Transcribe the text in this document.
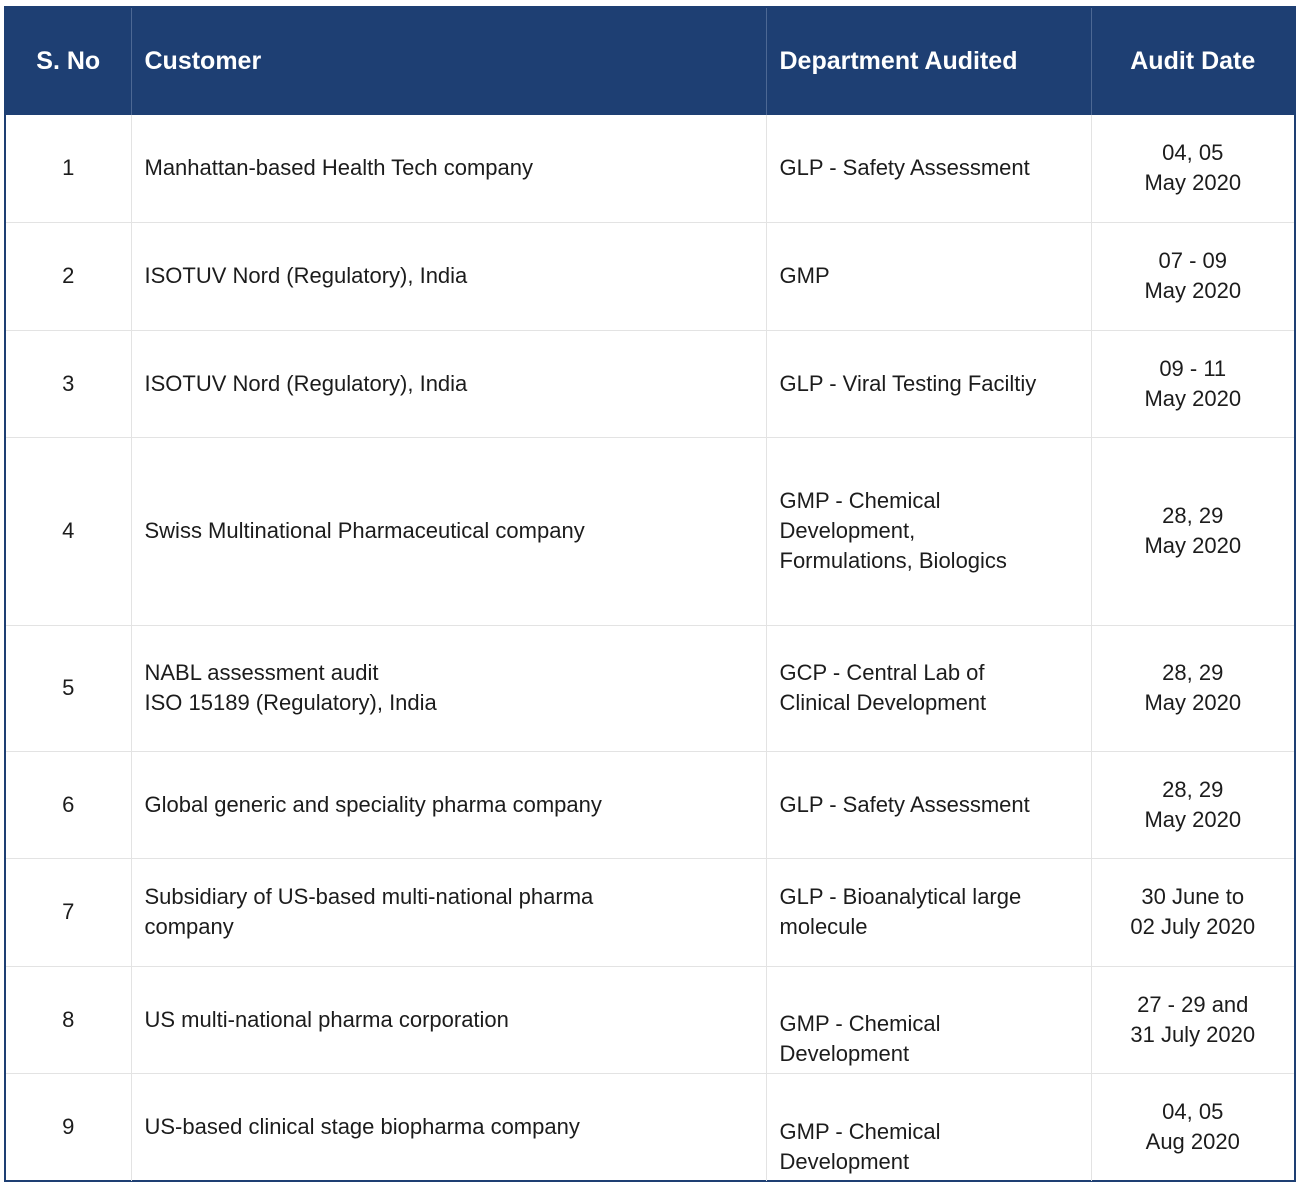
S. No	Customer	Department Audited	Audit Date
1	Manhattan-based Health Tech company	GLP - Safety Assessment	04, 05
May 2020

2	ISOTUV Nord (Regulatory), India	GMP	07 - 09
May 2020

3	ISOTUV Nord (Regulatory), India	GLP - Viral Testing Faciltiy	09 - 11
May 2020

4	Swiss Multinational Pharmaceutical company	GMP - Chemical
Development,
Formulations, Biologics	28, 29
May 2020

5	NABL assessment audit
ISO 15189 (Regulatory), India	GCP - Central Lab of
Clinical Development	28, 29
May 2020

6	Global generic and speciality pharma company	GLP - Safety Assessment	28, 29
May 2020

7	Subsidiary of US-based multi-national pharma
company	GLP - Bioanalytical large
molecule	30 June to
02 July 2020

8	US multi-national pharma corporation	GMP - Chemical
Development	27 - 29 and
31 July 2020

9	US-based clinical stage biopharma company	GMP - Chemical
Development	04, 05
Aug 2020
